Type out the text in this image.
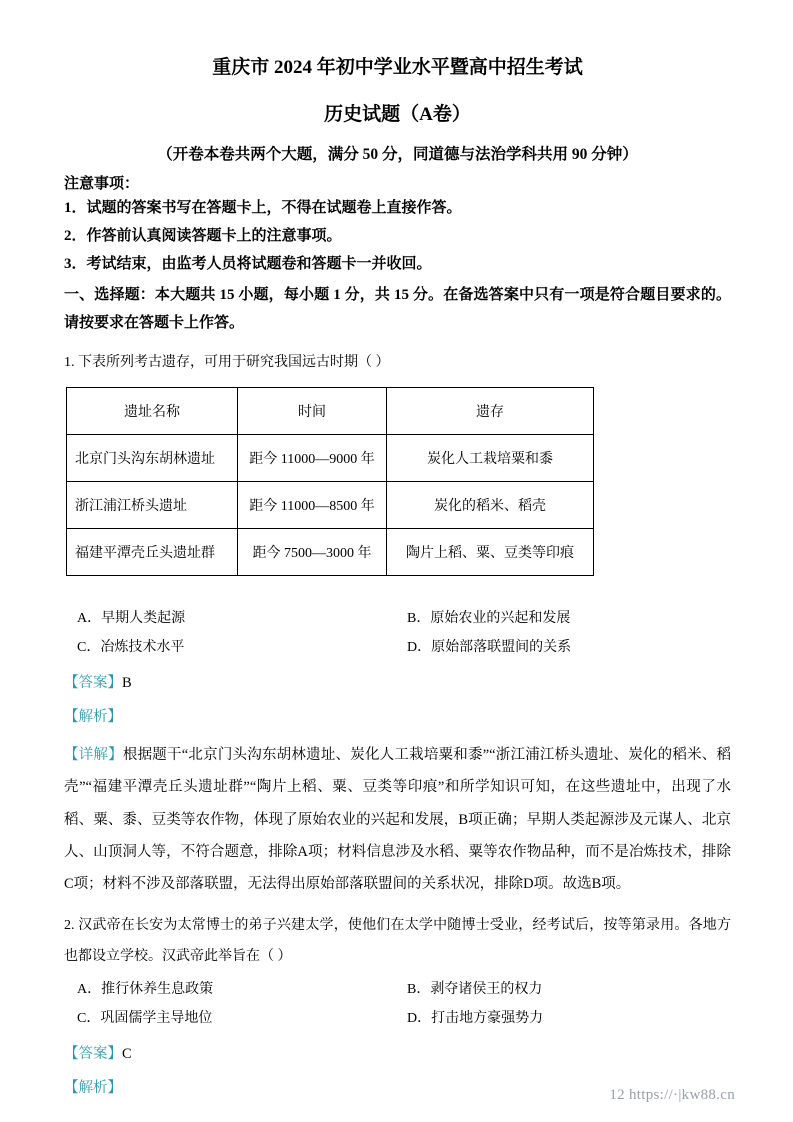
重庆市 2024 年初中学业水平暨高中招生考试
历史试题（A卷）
（开卷本卷共两个大题，满分 50 分，同道德与法治学科共用 90 分钟）
注意事项：
1．试题的答案书写在答题卡上，不得在试题卷上直接作答。
2．作答前认真阅读答题卡上的注意事项。
3．考试结束，由监考人员将试题卷和答题卡一并收回。
一、选择题：本大题共 15 小题，每小题 1 分，共 15 分。在备选答案中只有一项是符合题目要求的。请按要求在答题卡上作答。
1. 下表所列考古遗存，可用于研究我国远古时期（ ）
遗址名称	时间	遗存
北京门头沟东胡林遗址	距今 11000—9000 年	炭化人工栽培粟和黍
浙江浦江桥头遗址	距今 11000—8500 年	炭化的稻米、稻壳
福建平潭壳丘头遗址群	距今 7500—3000 年	陶片上稻、粟、豆类等印痕
A．早期人类起源	B．原始农业的兴起和发展
C．冶炼技术水平	D．原始部落联盟间的关系
【答案】B
【解析】
【详解】根据题干“北京门头沟东胡林遗址、炭化人工栽培粟和黍”“浙江浦江桥头遗址、炭化的稻米、稻壳”“福建平潭壳丘头遗址群”“陶片上稻、粟、豆类等印痕”和所学知识可知，在这些遗址中，出现了水稻、粟、黍、豆类等农作物，体现了原始农业的兴起和发展，B项正确；早期人类起源涉及元谋人、北京人、山顶洞人等，不符合题意，排除A项；材料信息涉及水稻、粟等农作物品种，而不是冶炼技术，排除C项；材料不涉及部落联盟，无法得出原始部落联盟间的关系状况，排除D项。故选B项。
2. 汉武帝在长安为太常博士的弟子兴建太学，使他们在太学中随博士受业，经考试后，按等第录用。各地方也都设立学校。汉武帝此举旨在（ ）
A．推行休养生息政策	B．剥夺诸侯王的权力
C．巩固儒学主导地位	D．打击地方豪强势力
【答案】C
【解析】	12 https://·|kw88.cn
